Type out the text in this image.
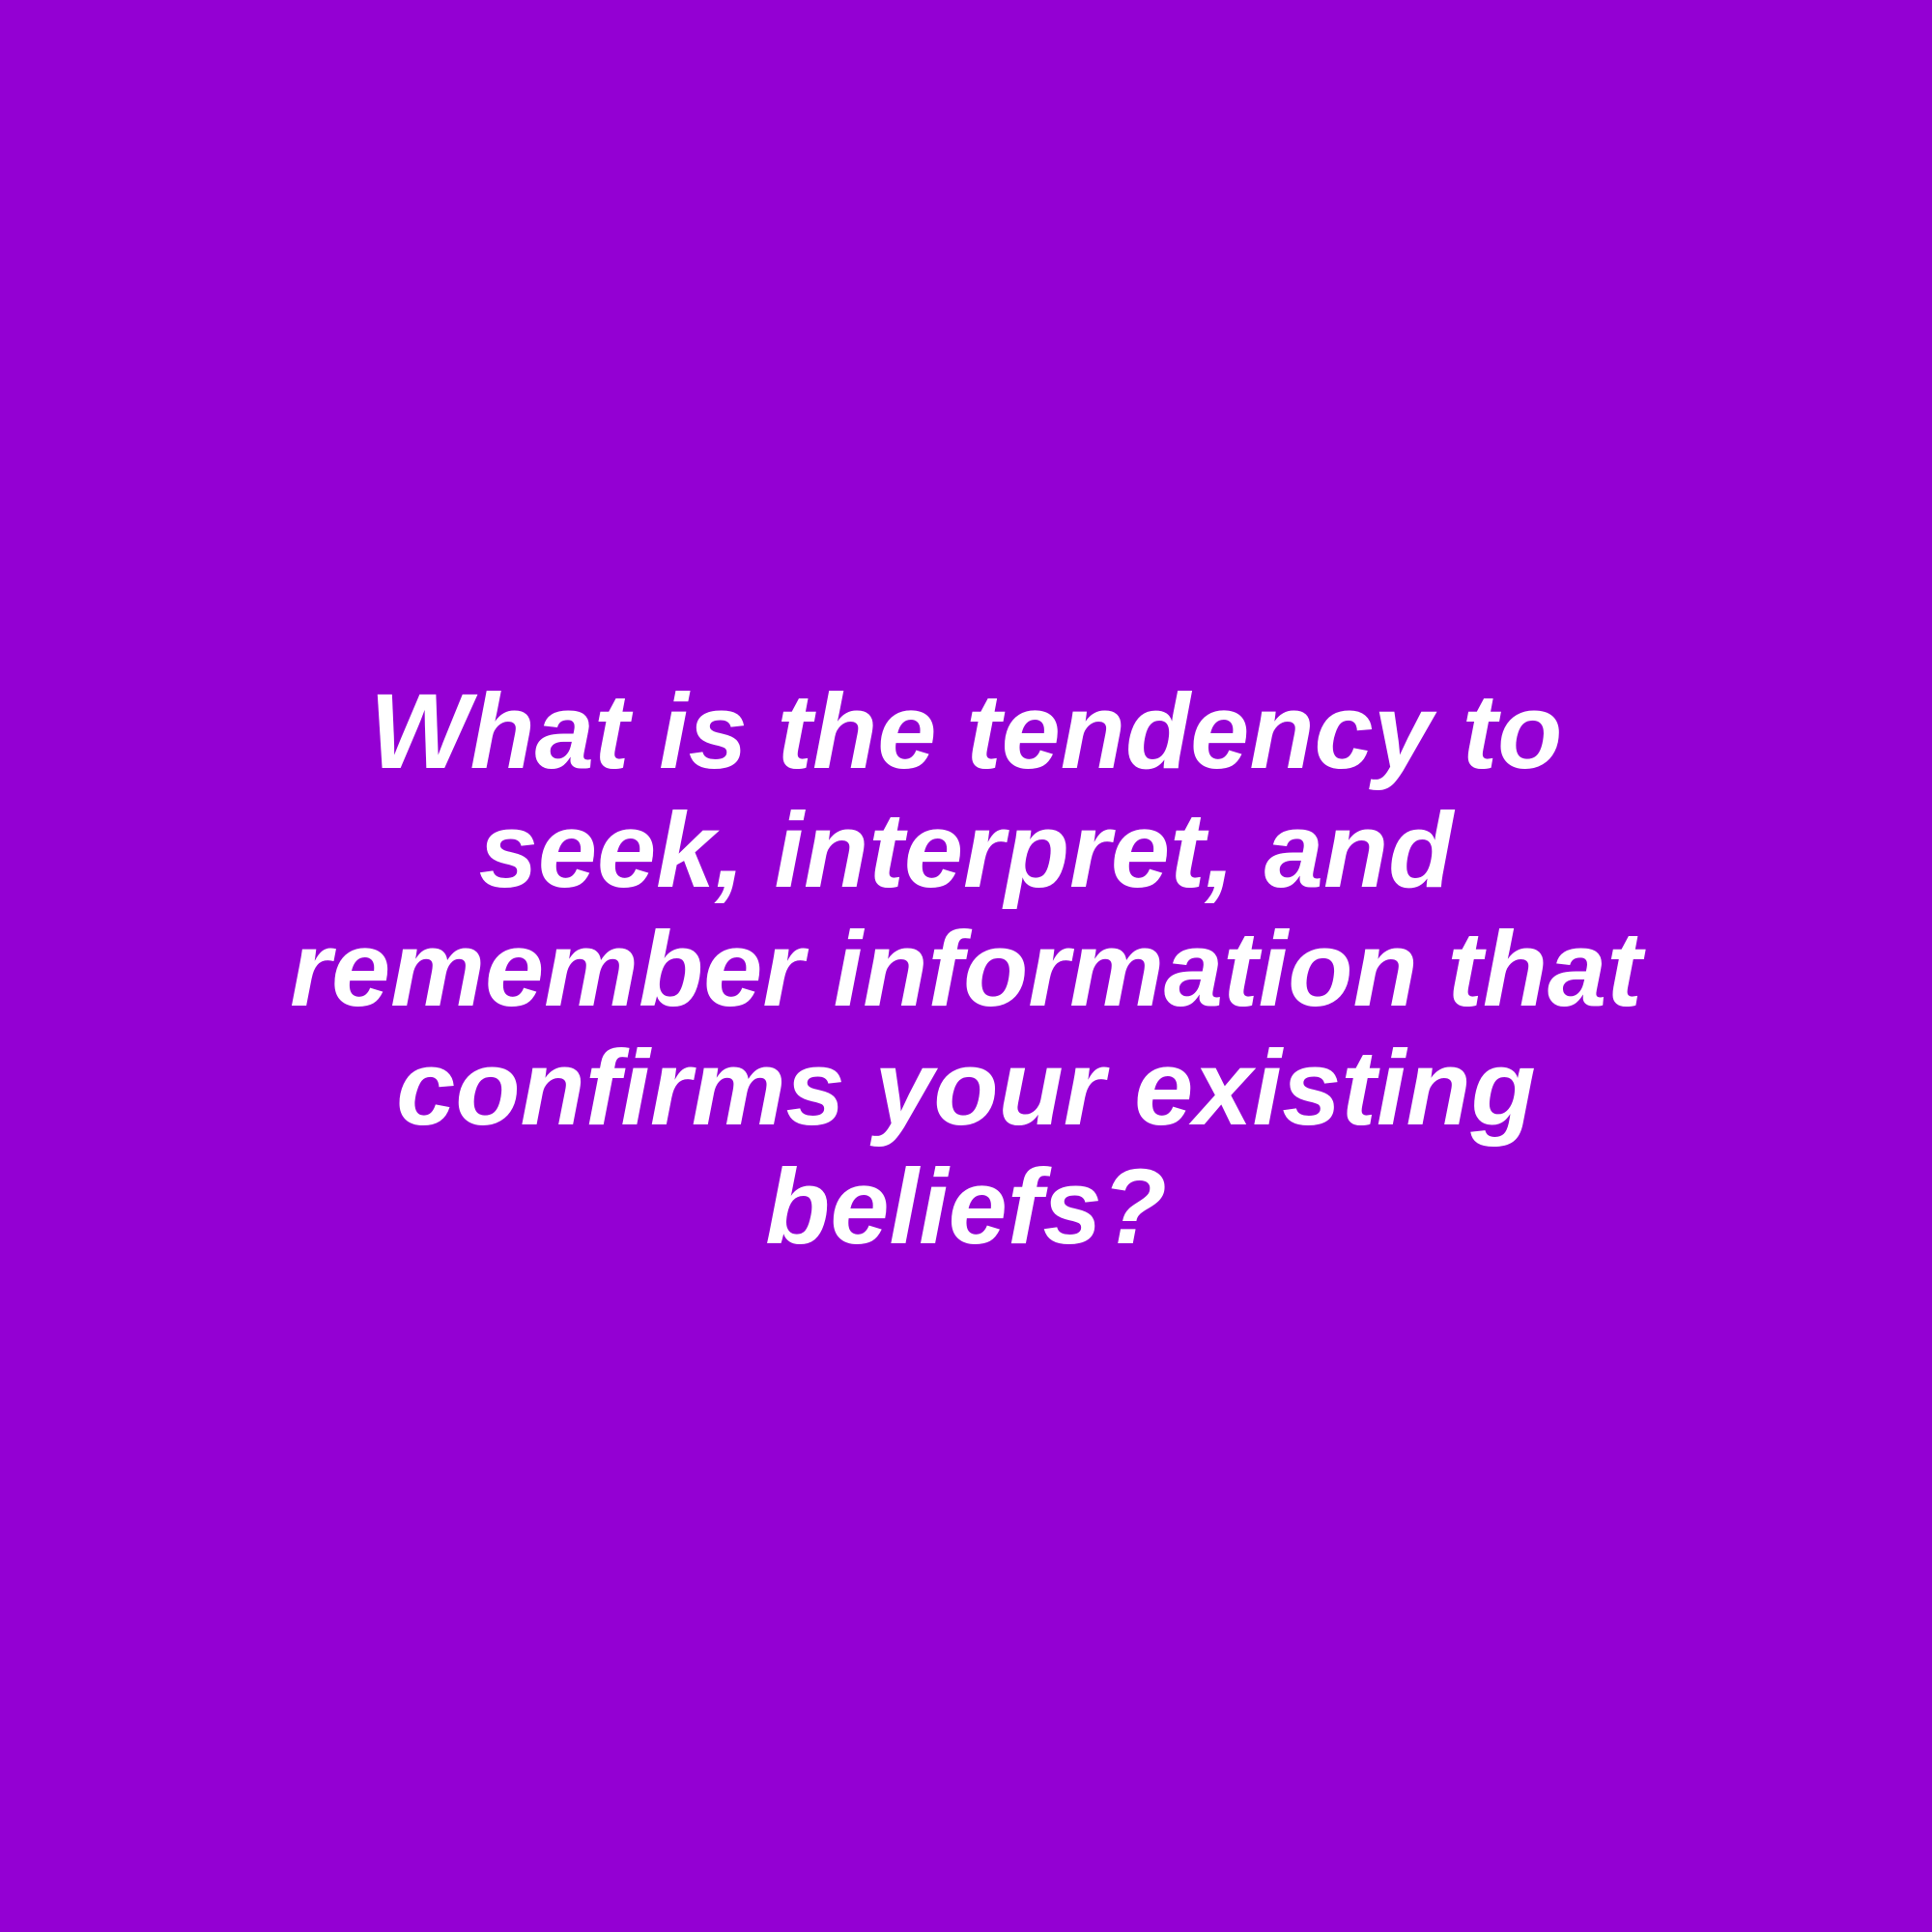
What is the tendency to
seek, interpret, and
remember information that
confirms your existing
beliefs?
